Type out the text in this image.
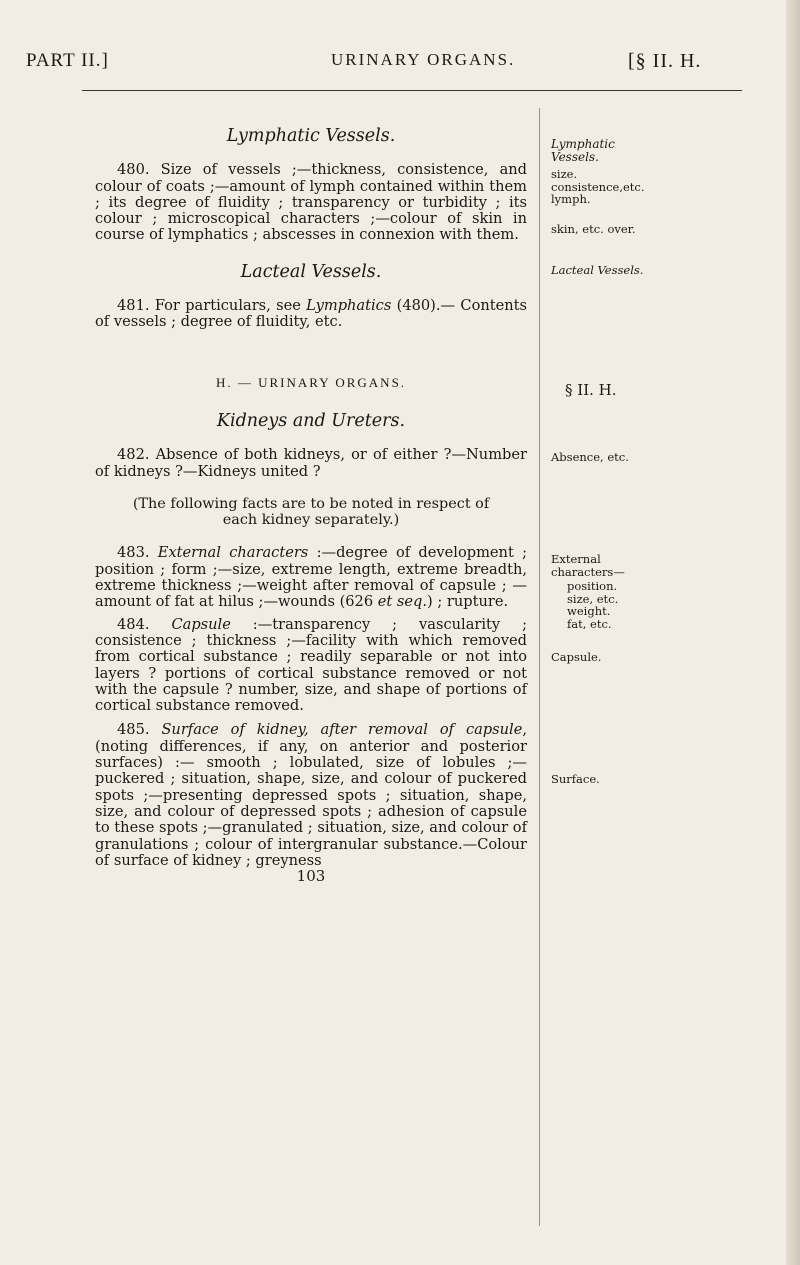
PART II.]	URINARY ORGANS.	[§ II. H.
Lymphatic Vessels.

480. Size of vessels ;—thickness, consistence, and colour of coats ;—amount of lymph contained within them ; its degree of fluidity ; transparency or turbidity ; its colour ; microscopical characters ;—colour of skin in course of lymphatics ; abscesses in connexion with them.

Lacteal Vessels.

481. For particulars, see Lymphatics (480).— Contents of vessels ; degree of fluidity, etc.

H. — URINARY ORGANS.
Kidneys and Ureters.

482. Absence of both kidneys, or of either ?—Number of kidneys ?—Kidneys united ?

(The following facts are to be noted in respect of each kidney separately.)

483. External characters :—degree of development ; position ; form ;—size, extreme length, extreme breadth, extreme thickness ;—weight after removal of capsule ; —amount of fat at hilus ;—wounds (626 et seq.) ; rupture.

484. Capsule :—transparency ; vascularity ; consistence ; thickness ;—facility with which removed from cortical substance ; readily separable or not into layers ? portions of cortical substance removed or not with the capsule ? number, size, and shape of portions of cortical substance removed.

485. Surface of kidney, after removal of capsule, (noting differences, if any, on anterior and posterior surfaces) :— smooth ; lobulated, size of lobules ;— puckered ; situation, shape, size, and colour of puckered spots ;—presenting depressed spots ; situation, shape, size, and colour of depressed spots ; adhesion of capsule to these spots ;—granulated ; situation, size, and colour of granulations ; colour of intergranular substance.—Colour of surface of kidney ; greyness

103
Lymphatic Vessels.
size. consistence,etc. lymph.
skin, etc. over.
Lacteal Vessels.
§ II. H.
Absence, etc.
External characters—
position. size, etc. weight. fat, etc.
Capsule.
Surface.
